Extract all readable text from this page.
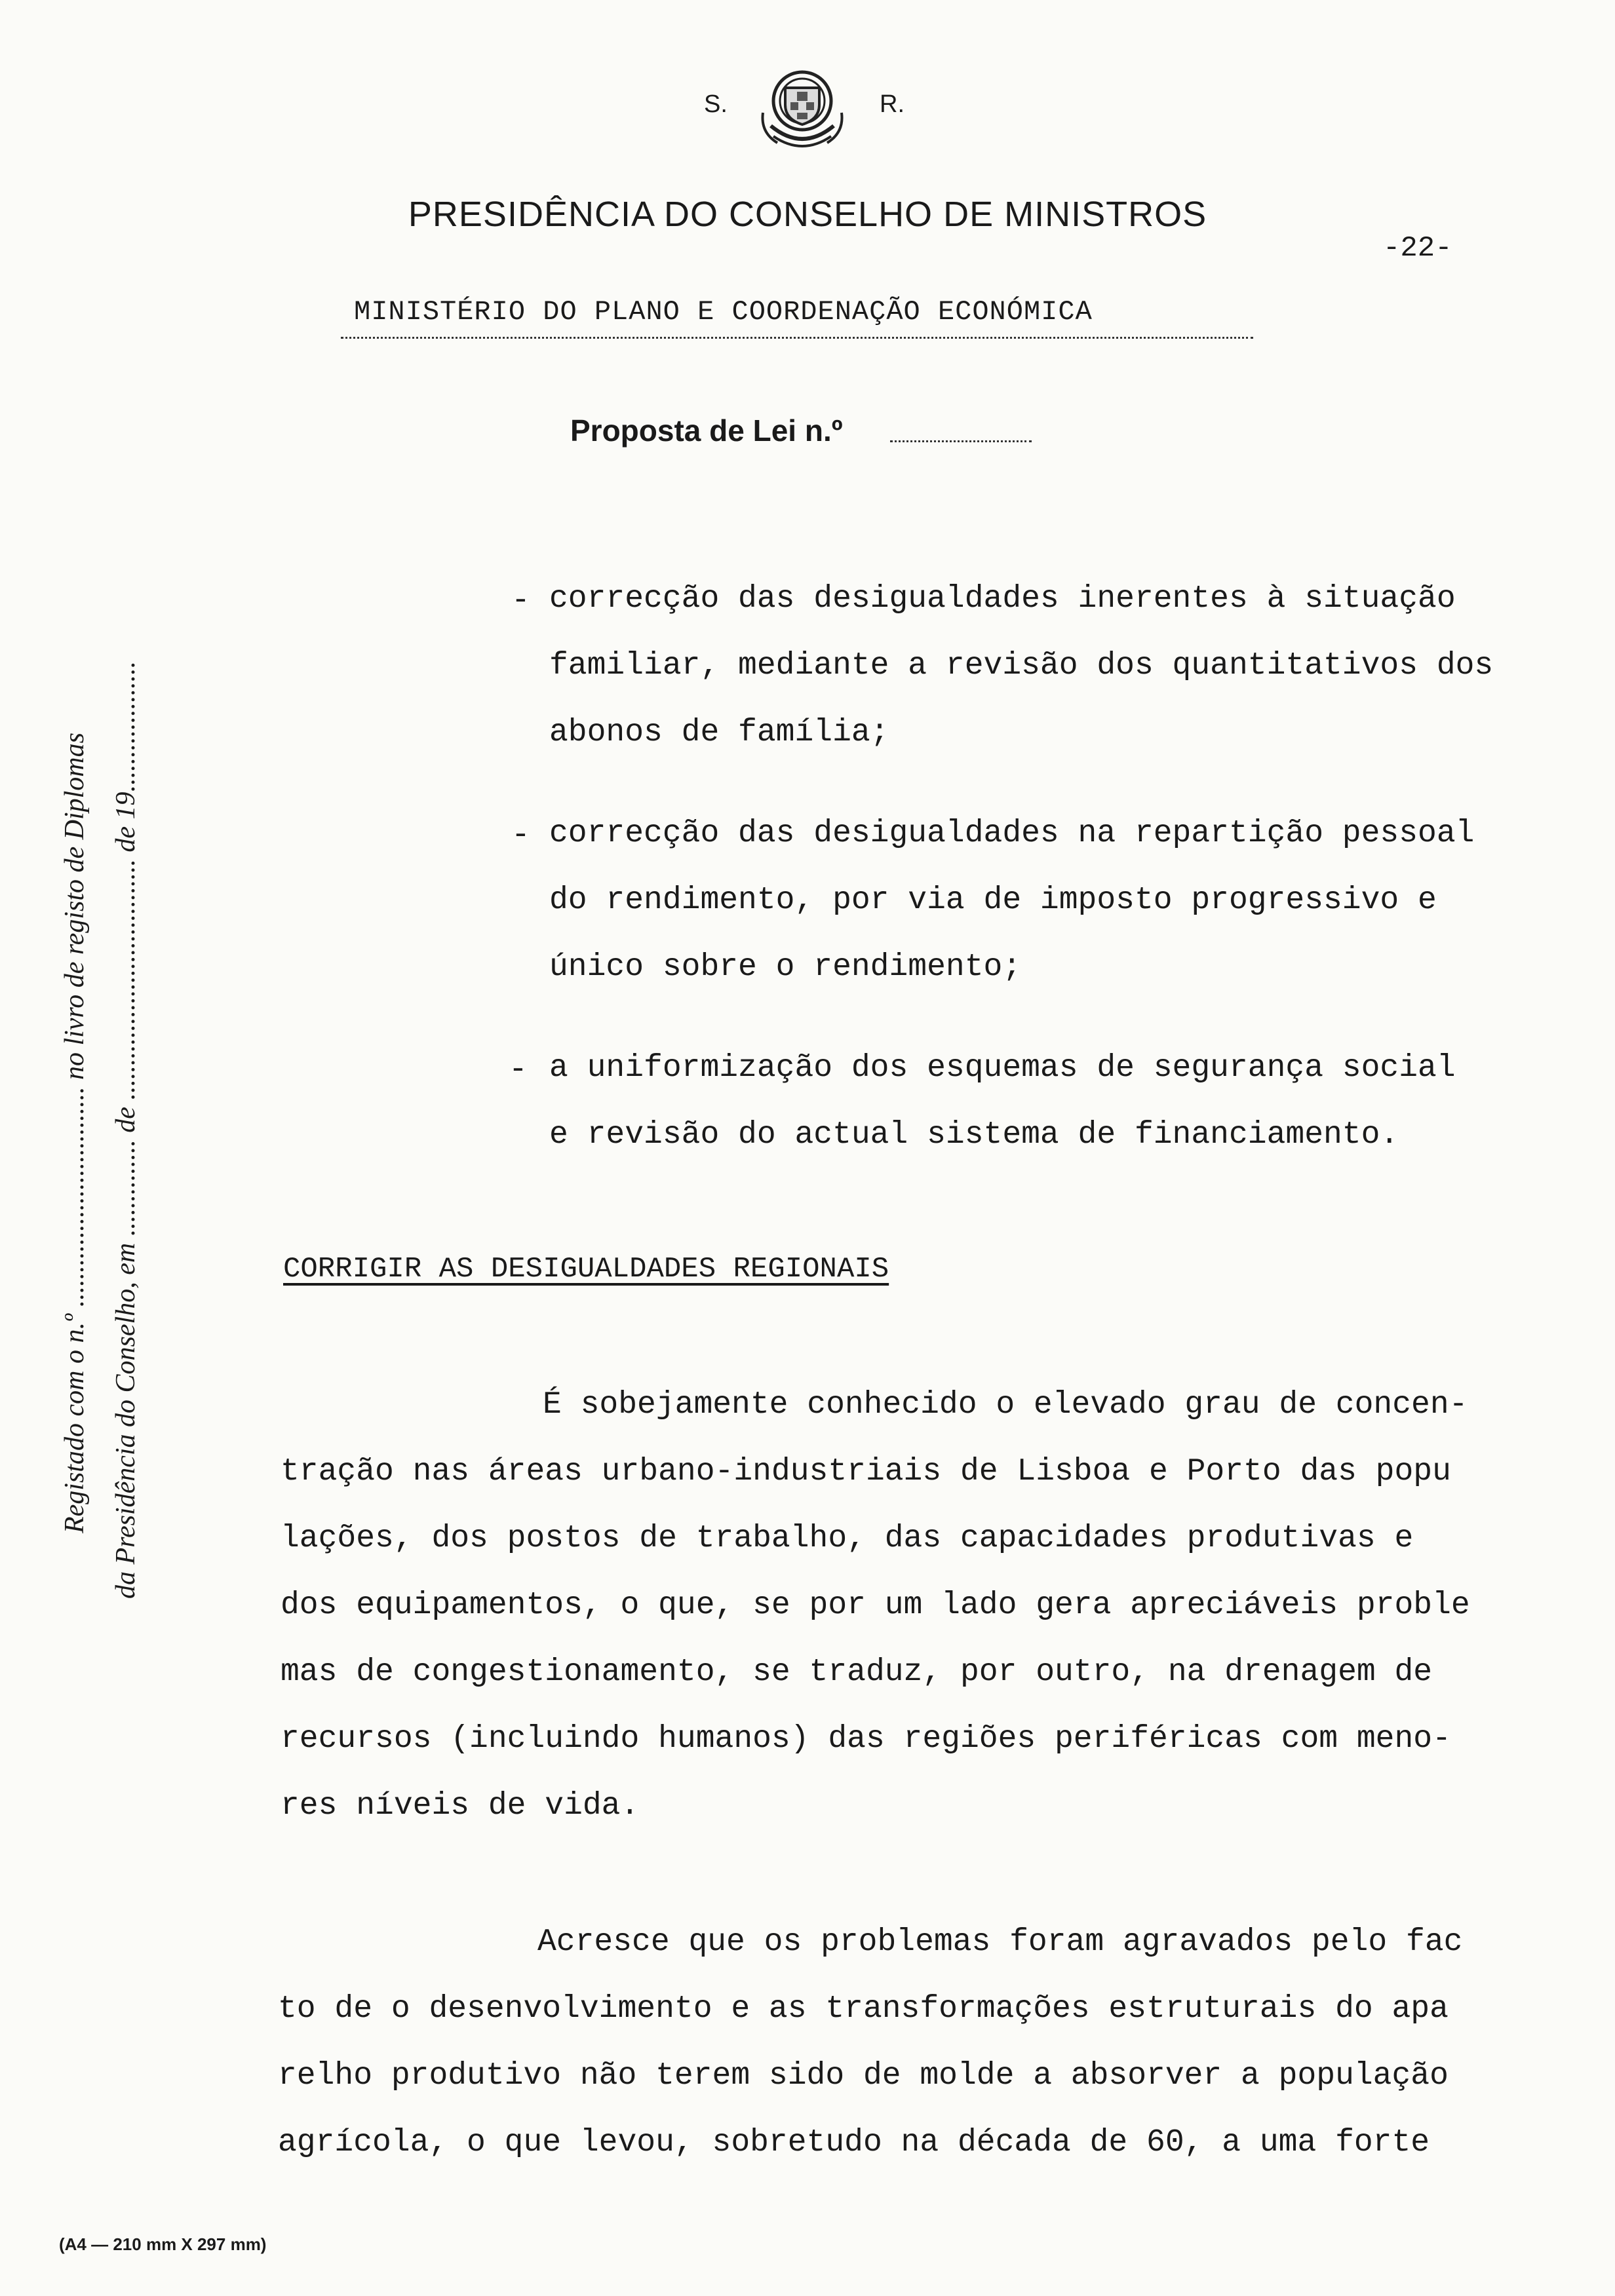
S.	R.
PRESIDÊNCIA DO CONSELHO DE MINISTROS
-22-
MINISTÉRIO DO PLANO E COORDENAÇÃO ECONÓMICA
Proposta de Lei n.º
- correcção das desigualdades inerentes à situação
familiar, mediante a revisão dos quantitativos dos
abonos de família;
- correcção das desigualdades na repartição pessoal
do rendimento, por via de imposto progressivo e
único sobre o rendimento;
- a uniformização dos esquemas de segurança social
e revisão do actual sistema de financiamento.
CORRIGIR AS DESIGUALDADES REGIONAIS
É sobejamente conhecido o elevado grau de concen-
tração nas áreas urbano-industriais de Lisboa e Porto das popu
lações, dos postos de trabalho, das capacidades produtivas e
dos equipamentos, o que, se por um lado gera apreciáveis proble
mas de congestionamento, se traduz, por outro, na drenagem de
recursos (incluindo humanos) das regiões periféricas com meno-
res níveis de vida.
Acresce que os problemas foram agravados pelo fac
to de o desenvolvimento e as transformações estruturais do apa
relho produtivo não terem sido de molde a absorver a população
agrícola, o que levou, sobretudo na década de 60, a uma forte
Registado com o n.º ................................ no livro de registo de Diplomas da Presidência do Conselho, em .............. de ................................... de 19...................
(A4 — 210 mm X 297 mm)
